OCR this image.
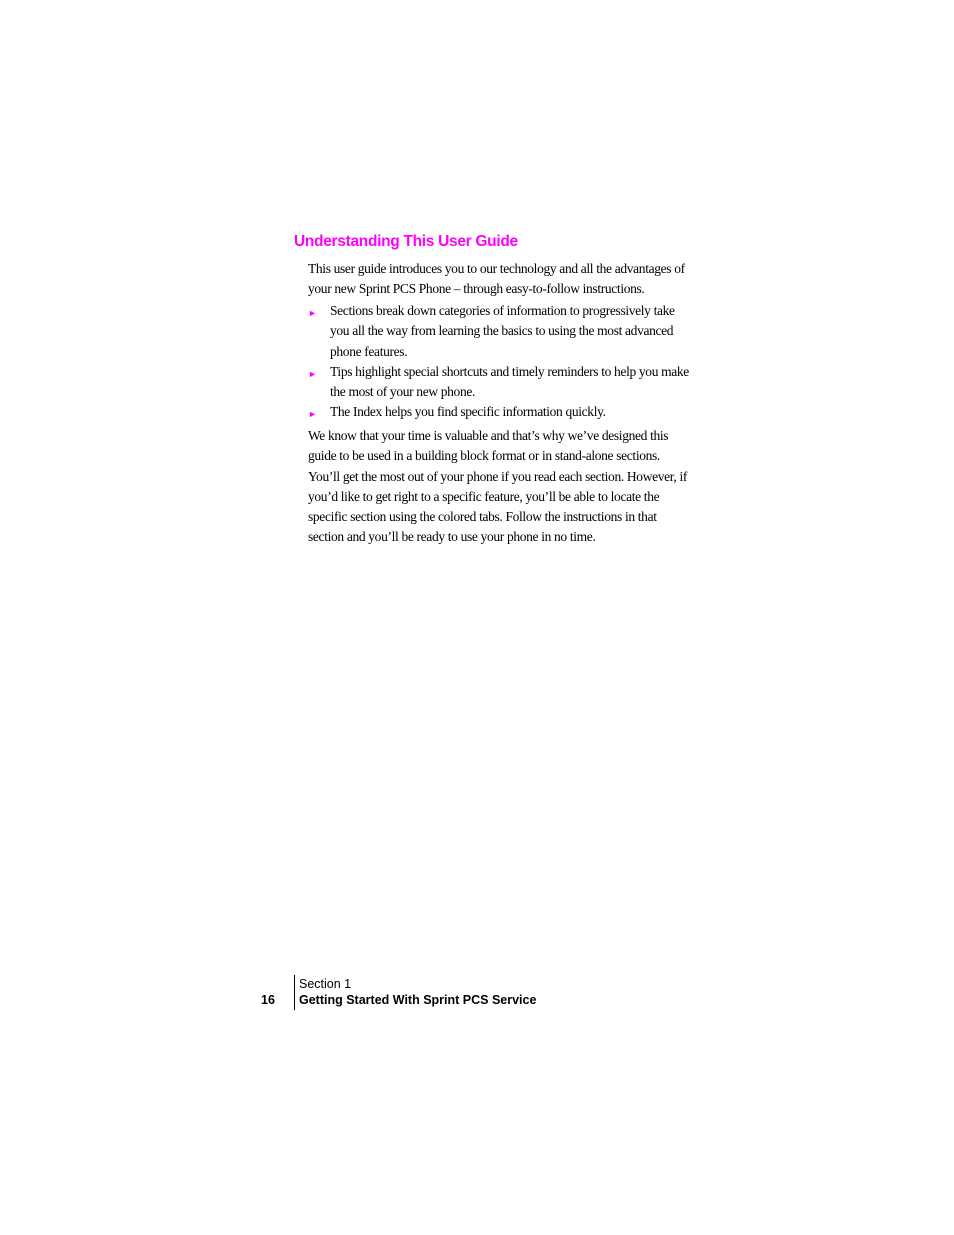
Understanding This User Guide

This user guide introduces you to our technology and all the advantages of your new Sprint PCS Phone – through easy-to-follow instructions.

► Sections break down categories of information to progressively take you all the way from learning the basics to using the most advanced phone features.
► Tips highlight special shortcuts and timely reminders to help you make the most of your new phone.
► The Index helps you find specific information quickly.

We know that your time is valuable and that’s why we’ve designed this guide to be used in a building block format or in stand-alone sections. You’ll get the most out of your phone if you read each section. However, if you’d like to get right to a specific feature, you’ll be able to locate the specific section using the colored tabs. Follow the instructions in that section and you’ll be ready to use your phone in no time.

16
Section 1
Getting Started With Sprint PCS Service
